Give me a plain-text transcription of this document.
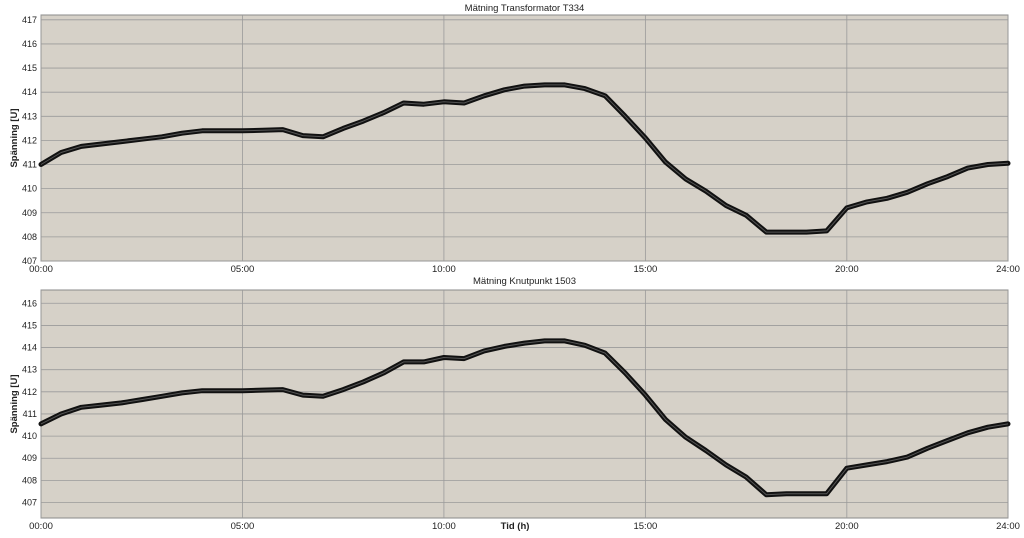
407
408
409
410
411
412
413
414
415
416
417
00:00	05:00	10:00	15:00	20:00	24:00
Mätning Transformator T334
Spänning [U]
407
408
409
410
411
412
413
414
415
416
00:00	05:00	10:00	15:00	20:00	24:00
Mätning Knutpunkt 1503
Spänning [U]
Tid (h)
